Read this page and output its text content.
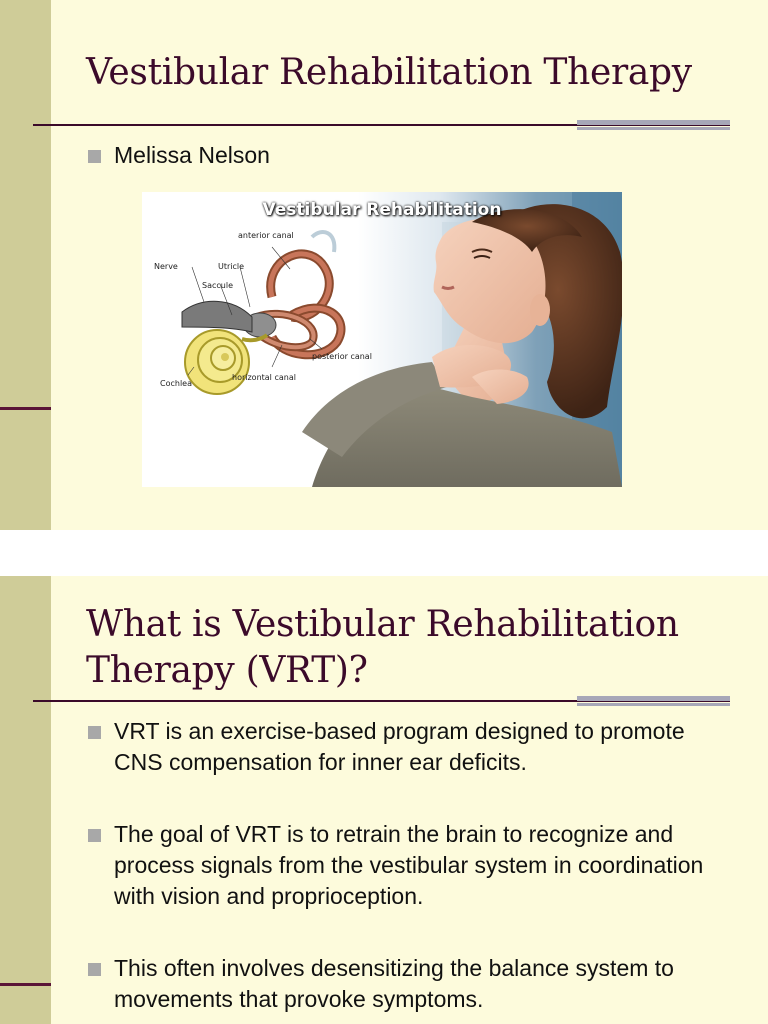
Vestibular Rehabilitation Therapy
Melissa Nelson
Vestibular Rehabilitation
anterior canal
Nerve	Utricle
Saccule
posterior canal
horizontal canal
Cochlea
What is Vestibular Rehabilitation Therapy (VRT)?
VRT is an exercise-based program designed to promote CNS compensation for inner ear deficits.
The goal of VRT is to retrain the brain to recognize and process signals from the vestibular system in coordination with vision and proprioception.
This often involves desensitizing the balance system to movements that provoke symptoms.
